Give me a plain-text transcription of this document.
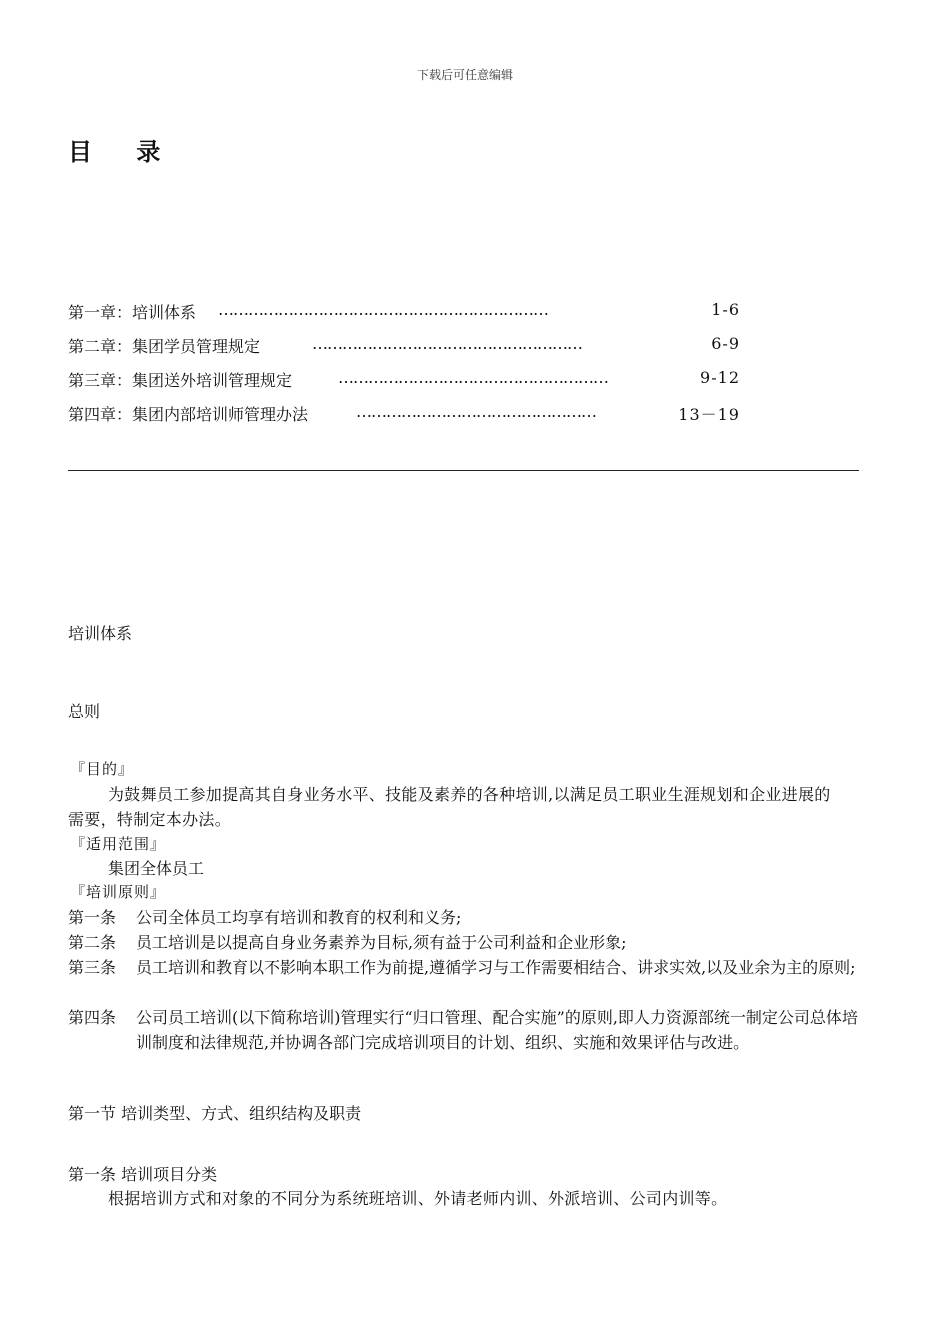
下载后可任意编辑
目 录
第一章：培训体系 …………………………………………………………	1-6
第二章：集团学员管理规定	………………………………………………	6-9
第三章：集团送外培训管理规定	………………………………………………	9-12
第四章：集团内部培训师管理办法	…………………………………………	13－19
培训体系
总则
『目的』
为鼓舞员工参加提高其自身业务水平、技能及素养的各种培训,以满足员工职业生涯规划和企业进展的需要，特制定本办法。
『适用范围』
集团全体员工
『培训原则』
第一条 公司全体员工均享有培训和教育的权利和义务;
第二条 员工培训是以提高自身业务素养为目标,须有益于公司利益和企业形象;
第三条 员工培训和教育以不影响本职工作为前提,遵循学习与工作需要相结合、讲求实效,以及业余为主的原则;
第四条 公司员工培训(以下简称培训)管理实行“归口管理、配合实施”的原则,即人力资源部统一制定公司总体培训制度和法律规范,并协调各部门完成培训项目的计划、组织、实施和效果评估与改进。
第一节 培训类型、方式、组织结构及职责
第一条 培训项目分类
根据培训方式和对象的不同分为系统班培训、外请老师内训、外派培训、公司内训等。
